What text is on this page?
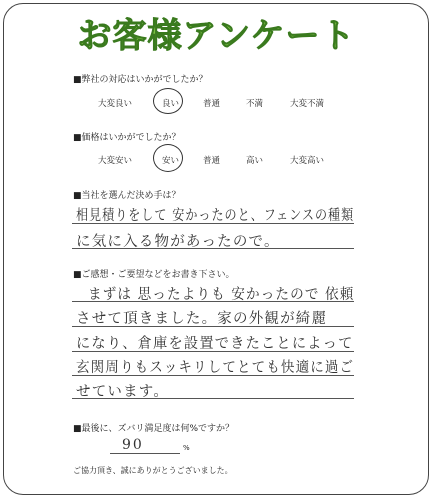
お客様アンケート
■弊社の対応はいかがでしたか？
大変良い	良い	普通	不満	大変不満
■価格はいかがでしたか？
大変安い	安い	普通	高い	大変高い
■当社を選んだ決め手は？
相見積りをして 安かったのと、フェンスの種類
に気に入る物があったので。
■ご感想・ご要望などをお書き下さい。
まずは 思ったよりも 安かったので 依頼
させて頂きました。家の外観が綺麗
になり、倉庫を設置できたことによって
玄関周りもスッキリしてとても快適に過ご
せています。
■最後に、ズバリ満足度は何%ですか？
90	%
ご協力頂き、誠にありがとうございました。
